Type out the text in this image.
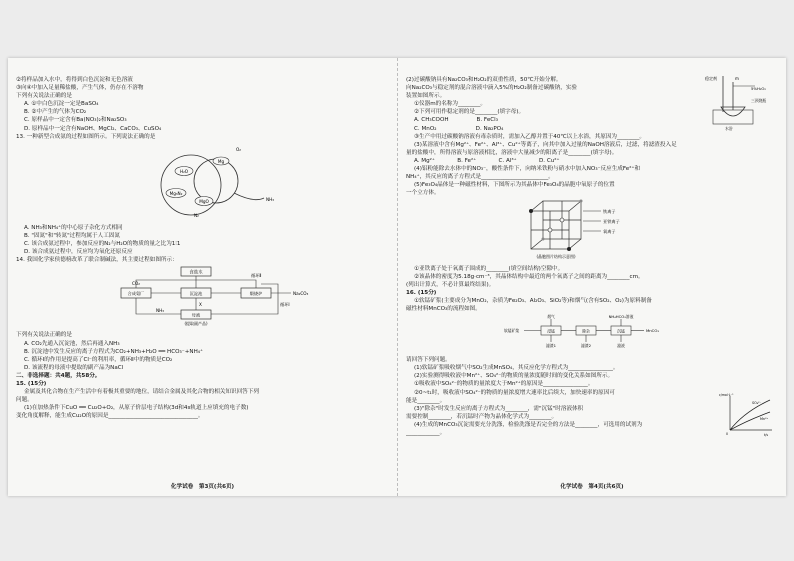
②将样品加入水中，将得到白色沉淀和无色溶液
③向④中加入足量稀盐酸，产生气体，仍存在不溶物
下列有关说法正确的是
A. ①中白色沉淀一定是BaSO₄
B. ②中产生的气体为CO₂
C. 原样品中一定含有Ba(NO₃)₂和Na₂SO₃
D. 原样品中一定含有NaOH、MgCl₂、CaCO₃、CuSO₄
13. 一种新型合成氨的过程如图所示。下列说法正确的是
H₂O
O₂
Mg₃N₂
MgO
Mg
N₂
NH₃
A. NH₃和NH₄⁺的中心原子杂化方式相同
B. "固氮"和"转氮"过程均属于人工固氮
C. 该合成氨过程中，参加反应的N₂与H₂O的物质的量之比为1∶1
D. 该合成氨过程中，反应均为氧化还原反应
14. 我国化学家侯德榜改革了联合制碱法，其主要过程如图所示：
食盐水
CO₂
合成氨厂	沉淀池	煅烧炉	Na₂CO₃
循环Ⅱ
循环Ⅰ
NH₃
X
母液
(提取副产品)
下列有关说法正确的是
A. CO₂先通入沉淀池，然后再通入NH₃
B. 沉淀池中发生反应的离子方程式为CO₂+NH₃+H₂O ══ HCO₃⁻+NH₄⁺
C. 循环Ⅰ的作用是提高了Cl⁻的利用率，循环Ⅱ中的物质是CO₂
D. 该流程的母液中提取的副产品为NaCl
二、非选择题：共4题，共58分。
15. (15分)
金属及其化合物在生产生活中有着极其重要的地位，请结合金属及其化合物的相关知识回答下列
问题。
(1)在加热条件下CuO ══ Cu₂O+O₂，从原子价层电子结构(3d和4s轨道上应填充的电子数)
变化角度解释，能生成Cu₂O的原因是________________________________。
化学试卷　第3页(共6页)
稳定剂	m
5%H₂O₂
三颈烧瓶
水浴
(2)过碳酸钠具有Na₂CO₃和H₂O₂的双重性质，50℃开始分解。
向Na₂CO₃与稳定剂的混合溶液中滴入5%的H₂O₂制备过碳酸钠，实验
装置如图所示。
①仪器m的名称为________。
②下列可用作稳定剂的是________(填字母)。
A. CH₃COOH　　　　　B. FeCl₃
C. MnO₂　　　　　　　D. Na₂PO₄
③生产中用过碳酸钠溶液有毒杂质时，需加入乙醇并置于40℃以上水浴，其原因为________。
(3)某溶液中含有Mg²⁺、Fe²⁺、Al³⁺、Cu²⁺等离子，向其中加入过量的NaOH溶液后，过滤，将滤渣投入足
量的盐酸中，所得溶液与原溶液相比，溶液中大量减少的阳离子是________(填字母)。
A. Mg²⁺　　　　B. Fe²⁺　　　　C. Al³⁺　　　　D. Cu²⁺
(4)铝粉能除去水体中的NO₃⁻，酸性条件下，向纳米铁粉与硝水中加入NO₃⁻反应生成Fe²⁺和
NH₄⁺，其反应的离子方程式是________________________。
(5)Fe₃O₄晶体是一种磁性材料，下图所示为其晶体中Fe₃O₄的晶胞中氧原子的位置
一个立方体。
铁离子
亚铁离子
氧离子
(晶胞图片结构示意图)
①亚铁离子处于氧离子围成的________(填空间结构)空隙中。
②该晶体的密度为5.18g·cm⁻³，其晶体结构中最近的两个氧离子之间的距离为________cm。
(列出计算式，不必计算最终结果)。
16. (15分)
①软锰矿浆(主要成分为MnO₂，杂质为Fe₂O₃、Al₂O₃、SiO₂等)和烟气(含有SO₂、O₂)为原料制备
磁性材料MnCO₃的流程如图。
烟气
软锰矿浆	浸锰	除杂	沉锰	MnCO₃
滤渣1	滤渣2	滤液
NH₄HCO₃溶液
c/mol·L⁻¹
SO₄²⁻
Mn²⁺
t/s
0
请回答下列问题。
(1)软锰矿浆吸收烟气中SO₂生成MnSO₄，其反应化学方程式为________________。
(2)实验测得吸收液中Mn²⁺、SO₄²⁻的物质的量浓度随时间的变化关系如图所示。
①吸收液中SO₄²⁻的物质的量浓度大于Mn²⁺的原因是________________。
②0~t₁时，吸收液中SO₄²⁻的物质的量浓度增大速率比后续大，加快速率的原因可
能是________。
(3)"除杂"时发生反应的离子方程式为________，需"沉锰"时溶液体积
需要控制________，若沉锰时产物为晶体化学式为________。
(4)生成的MnCO₃沉淀需要充分洗涤，检验洗涤是否完全的方法是________，可选用的试剂为
____________。
化学试卷　第4页(共6页)
